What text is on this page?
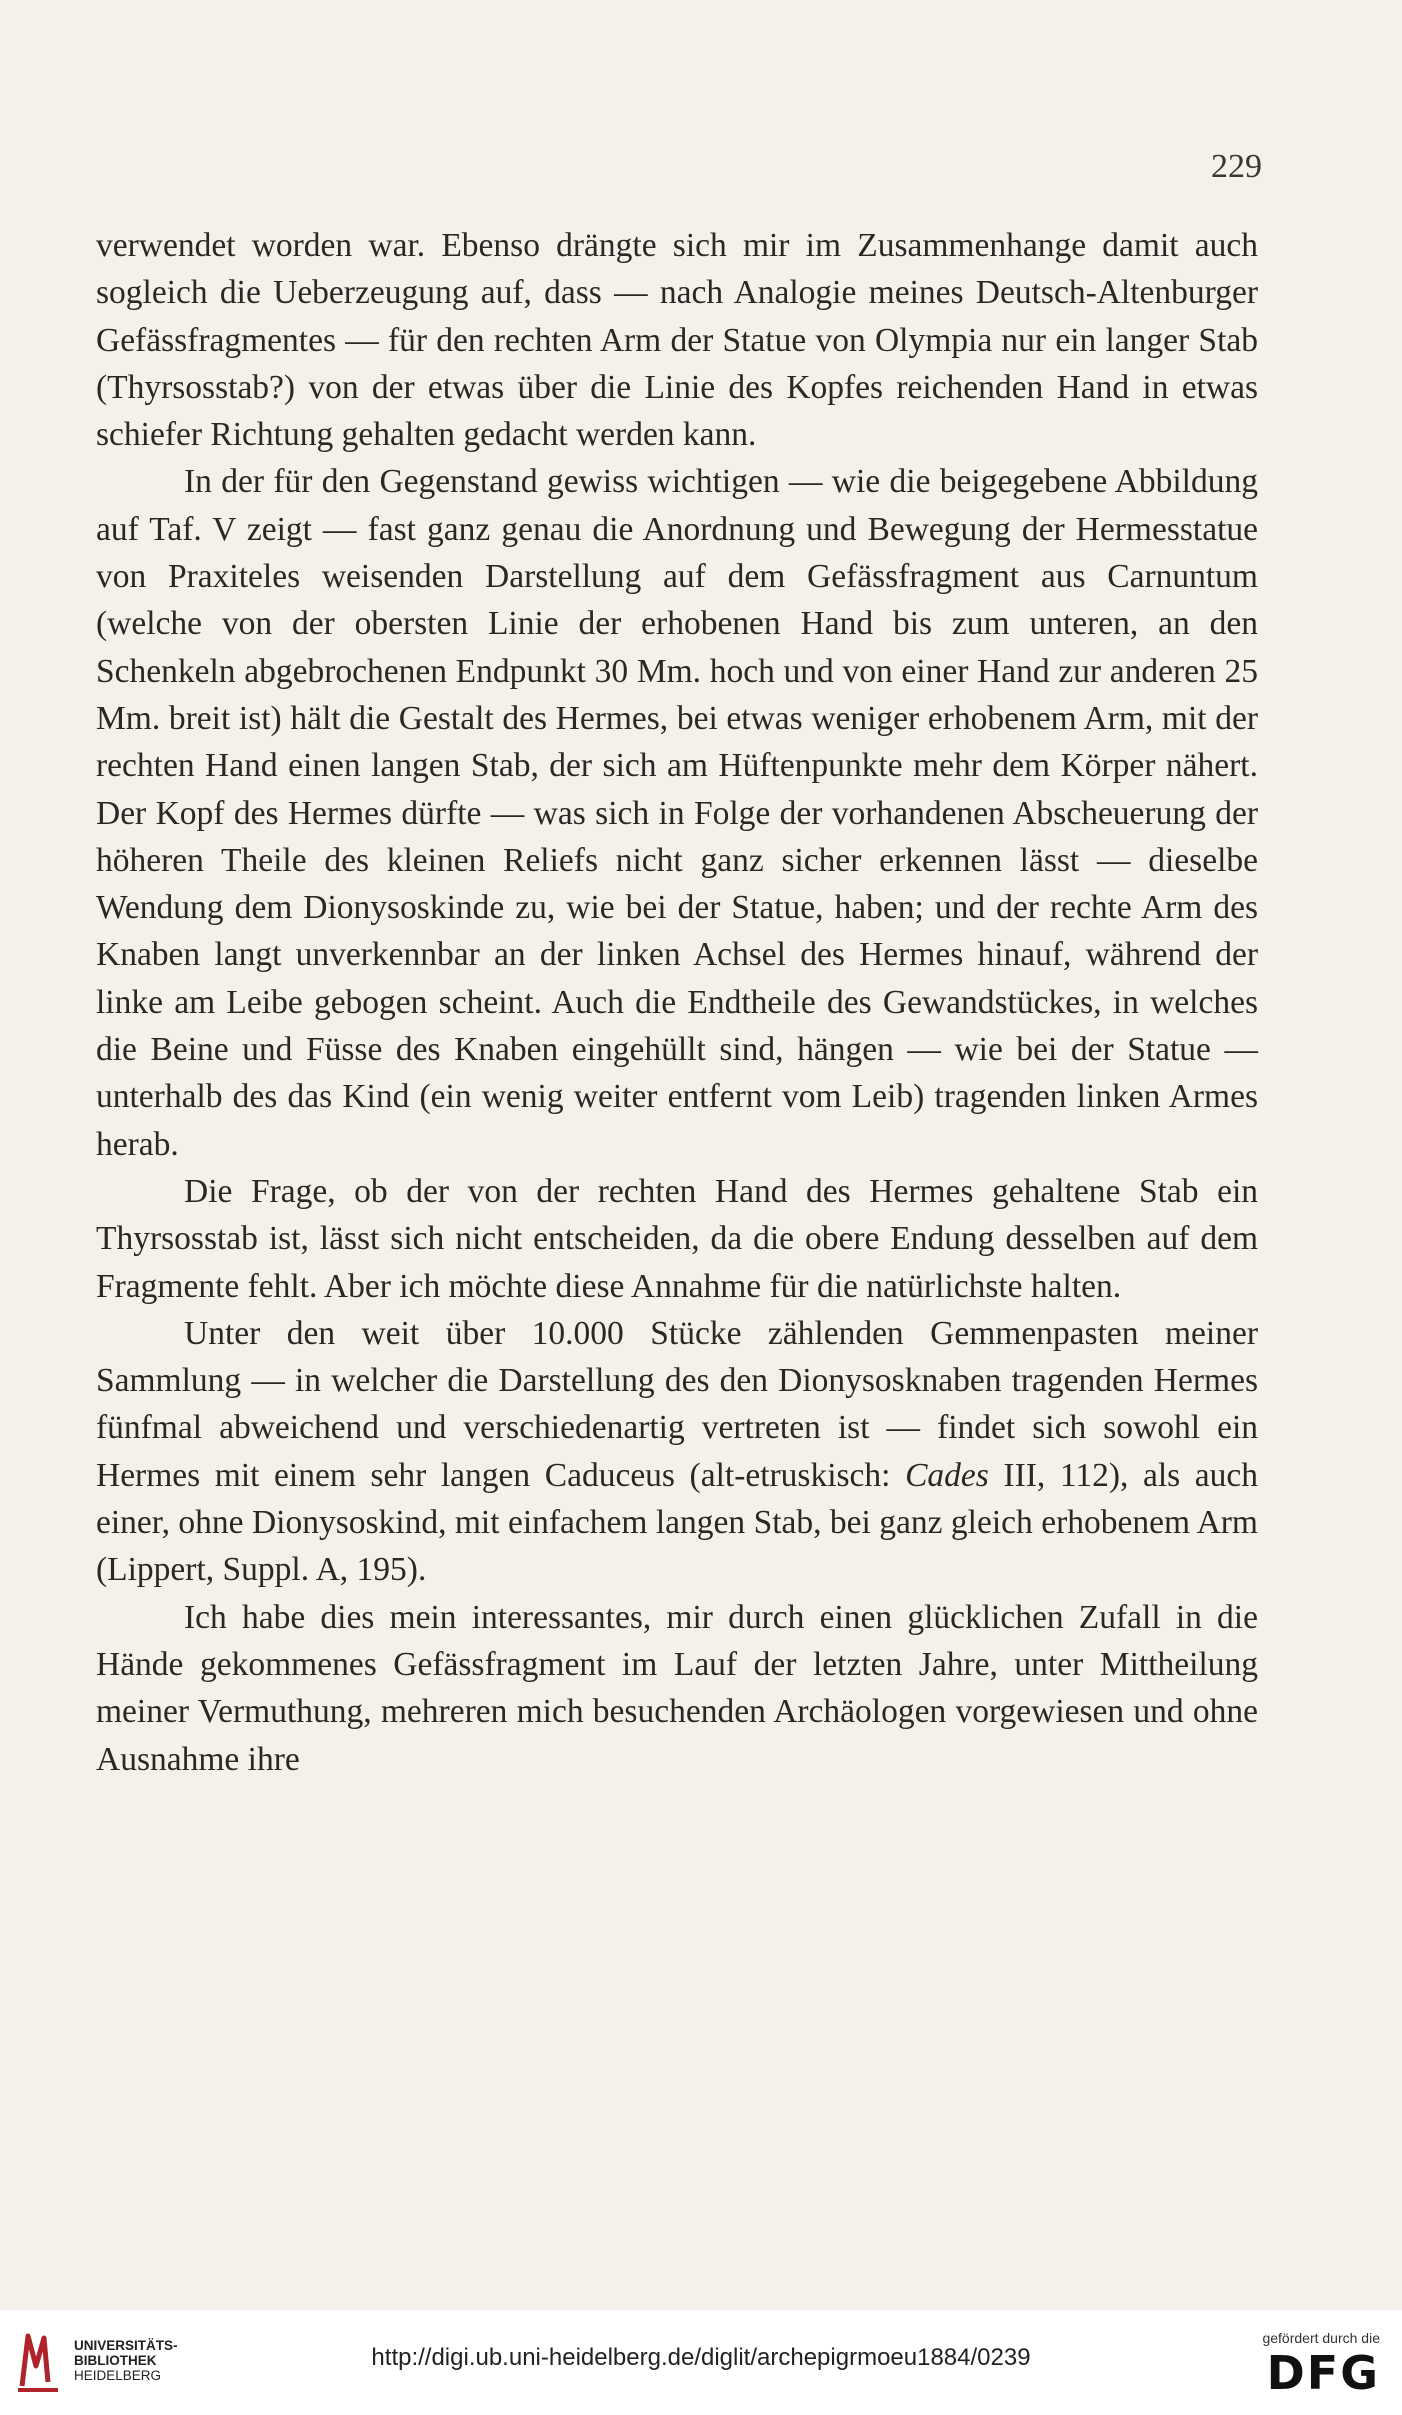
229

verwendet worden war. Ebenso drängte sich mir im Zusammenhange damit auch sogleich die Ueberzeugung auf, dass — nach Analogie meines Deutsch-Altenburger Gefässfragmentes — für den rechten Arm der Statue von Olympia nur ein langer Stab (Thyrsosstab?) von der etwas über die Linie des Kopfes reichenden Hand in etwas schiefer Richtung gehalten gedacht werden kann.

In der für den Gegenstand gewiss wichtigen — wie die beigegebene Abbildung auf Taf. V zeigt — fast ganz genau die Anordnung und Bewegung der Hermesstatue von Praxiteles weisenden Darstellung auf dem Gefässfragment aus Carnuntum (welche von der obersten Linie der erhobenen Hand bis zum unteren, an den Schenkeln abgebrochenen Endpunkt 30 Mm. hoch und von einer Hand zur anderen 25 Mm. breit ist) hält die Gestalt des Hermes, bei etwas weniger erhobenem Arm, mit der rechten Hand einen langen Stab, der sich am Hüftenpunkte mehr dem Körper nähert. Der Kopf des Hermes dürfte — was sich in Folge der vorhandenen Abscheuerung der höheren Theile des kleinen Reliefs nicht ganz sicher erkennen lässt — dieselbe Wendung dem Dionysoskinde zu, wie bei der Statue, haben; und der rechte Arm des Knaben langt unverkennbar an der linken Achsel des Hermes hinauf, während der linke am Leibe gebogen scheint. Auch die Endtheile des Gewandstückes, in welches die Beine und Füsse des Knaben eingehüllt sind, hängen — wie bei der Statue — unterhalb des das Kind (ein wenig weiter entfernt vom Leib) tragenden linken Armes herab.

Die Frage, ob der von der rechten Hand des Hermes gehaltene Stab ein Thyrsosstab ist, lässt sich nicht entscheiden, da die obere Endung desselben auf dem Fragmente fehlt. Aber ich möchte diese Annahme für die natürlichste halten.

Unter den weit über 10.000 Stücke zählenden Gemmenpasten meiner Sammlung — in welcher die Darstellung des den Dionysosknaben tragenden Hermes fünfmal abweichend und verschiedenartig vertreten ist — findet sich sowohl ein Hermes mit einem sehr langen Caduceus (alt-etruskisch: Cades III, 112), als auch einer, ohne Dionysoskind, mit einfachem langen Stab, bei ganz gleich erhobenem Arm (Lippert, Suppl. A, 195).

Ich habe dies mein interessantes, mir durch einen glücklichen Zufall in die Hände gekommenes Gefässfragment im Lauf der letzten Jahre, unter Mittheilung meiner Vermuthung, mehreren mich besuchenden Archäologen vorgewiesen und ohne Ausnahme ihre

UNIVERSITÄTS-
BIBLIOTHEK
HEIDELBERG
http://digi.ub.uni-heidelberg.de/diglit/archepigrmoeu1884/0239
gefördert durch die
DFG
